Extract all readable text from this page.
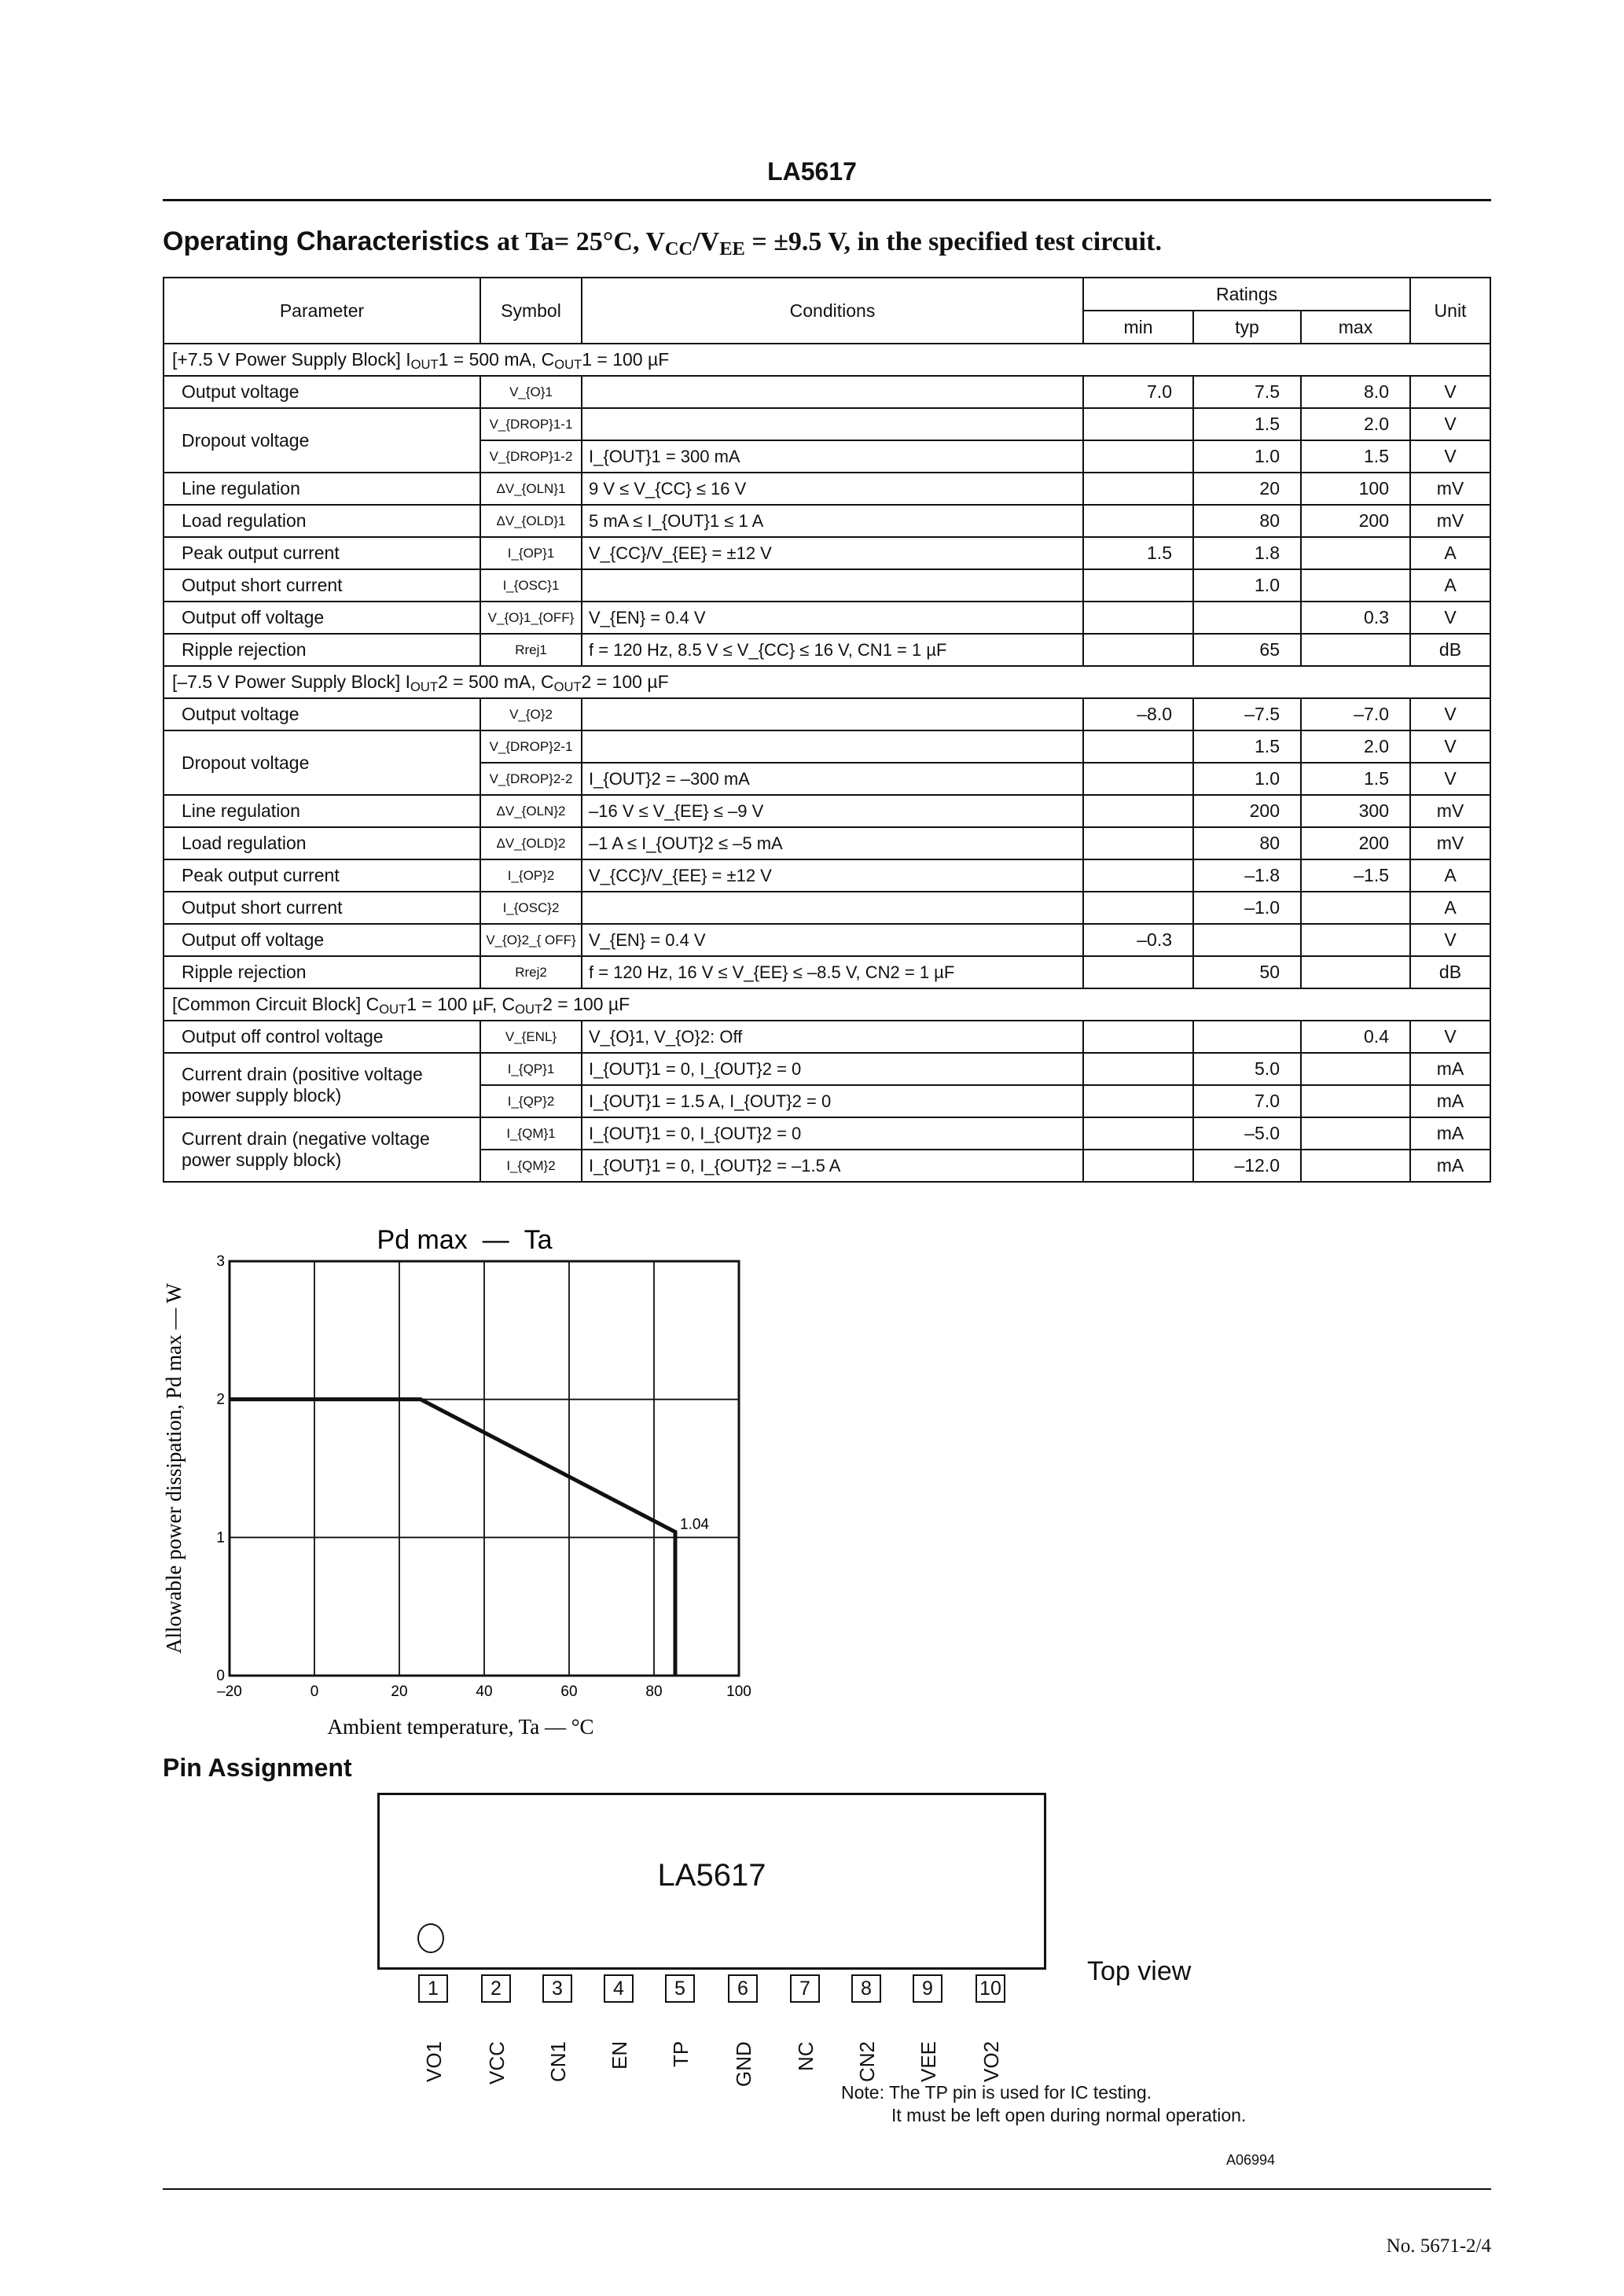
LA5617
Operating Characteristics at Ta= 25°C, $V_{CC}/V_{EE} = \pm 9.5$ V, in the specified test circuit.
Parameter	Symbol	Conditions	Ratings			Unit
			min	typ	max	
[+7.5 V Power Supply Block] $I_{OUT}1 = 500$ mA, $C_{OUT}1 = 100$ µF						
Output voltage	V_{O}1		7.0	7.5	8.0	V
Dropout voltage	V_{DROP}1-1			1.5	2.0	V
	V_{DROP}1-2	I_{OUT}1 = 300 mA		1.0	1.5	V
Line regulation	ΔV_{OLN}1	9 V ≤ V_{CC} ≤ 16 V		20	100	mV
Load regulation	ΔV_{OLD}1	5 mA ≤ I_{OUT}1 ≤ 1 A		80	200	mV
Peak output current	I_{OP}1	V_{CC}/V_{EE} = ±12 V	1.5	1.8		A
Output short current	I_{OSC}1			1.0		A
Output off voltage	V_{O}1_{OFF}	V_{EN} = 0.4 V			0.3	V
Ripple rejection	Rrej1	f = 120 Hz, 8.5 V ≤ V_{CC} ≤ 16 V, CN1 = 1 µF		65		dB
[–7.5 V Power Supply Block] $I_{OUT}2 = 500$ mA, $C_{OUT}2 = 100$ µF						
Output voltage	V_{O}2		–8.0	–7.5	–7.0	V
Dropout voltage	V_{DROP}2-1			1.5	2.0	V
	V_{DROP}2-2	I_{OUT}2 = –300 mA		1.0	1.5	V
Line regulation	ΔV_{OLN}2	–16 V ≤ V_{EE} ≤ –9 V		200	300	mV
Load regulation	ΔV_{OLD}2	–1 A ≤ I_{OUT}2 ≤ –5 mA		80	200	mV
Peak output current	I_{OP}2	V_{CC}/V_{EE} = ±12 V		–1.8	–1.5	A
Output short current	I_{OSC}2			–1.0		A
Output off voltage	V_{O}2_{ OFF}	V_{EN} = 0.4 V	–0.3			V
Ripple rejection	Rrej2	f = 120 Hz, 16 V ≤ V_{EE} ≤ –8.5 V, CN2 = 1 µF		50		dB
[Common Circuit Block] $C_{OUT}1 = 100$ µF, $C_{OUT}2 = 100$ µF						
Output off control voltage	V_{ENL}	V_{O}1, V_{O}2: Off			0.4	V
Current drain (positive voltage
power supply block)	I_{QP}1	I_{OUT}1 = 0, I_{OUT}2 = 0		5.0		mA
	I_{QP}2	I_{OUT}1 = 1.5 A, I_{OUT}2 = 0		7.0		mA
Current drain (negative voltage
power supply block)	I_{QM}1	I_{OUT}1 = 0, I_{OUT}2 = 0		–5.0		mA
	I_{QM}2	I_{OUT}1 = 0, I_{OUT}2 = –1.5 A		–12.0		mA
–20	0	20	40	60	80	100
0
1
2
3
1.04
Pd max  —  Ta
Ambient temperature, Ta — °C
Allowable power dissipation, Pd max — W
Pin Assignment
LA5617
Top view
1
VO1
2
VCC
3
CN1
4
EN
5
TP
6
GND
7
NC
8
CN2
9
VEE
10
VO2
Note: The TP pin is used for IC testing.
It must be left open during normal operation.
A06994
No. 5671-2/4
